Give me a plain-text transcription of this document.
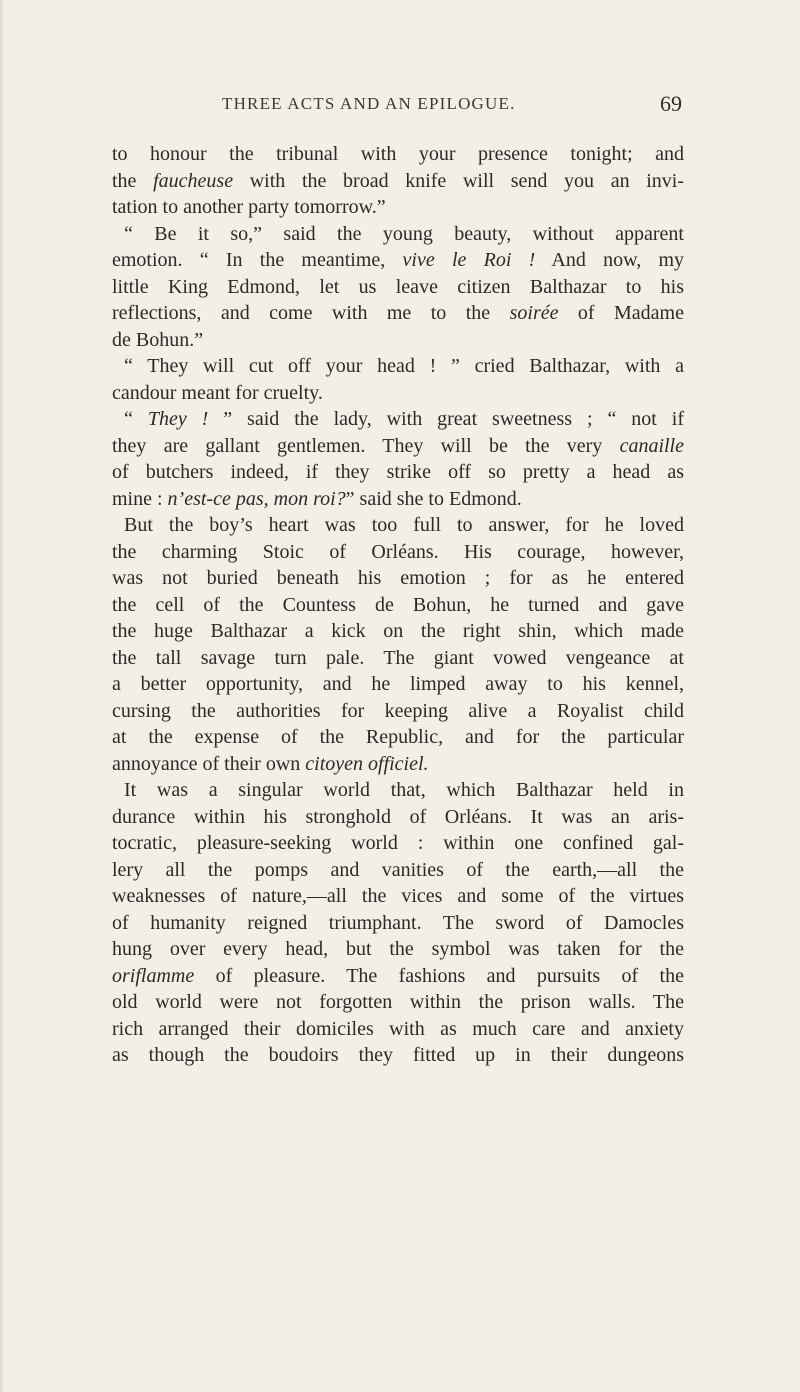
THREE ACTS AND AN EPILOGUE.	69
to honour the tribunal with your presence tonight; and
the faucheuse with the broad knife will send you an invi-
tation to another party tomorrow.”
“ Be it so,” said the young beauty, without apparent
emotion. “ In the meantime, vive le Roi ! And now, my
little King Edmond, let us leave citizen Balthazar to his
reflections, and come with me to the soirée of Madame
de Bohun.”
“ They will cut off your head ! ” cried Balthazar, with a
candour meant for cruelty.
“ They ! ” said the lady, with great sweetness ; “ not if
they are gallant gentlemen. They will be the very canaille
of butchers indeed, if they strike off so pretty a head as
mine : n’est-ce pas, mon roi?” said she to Edmond.
But the boy’s heart was too full to answer, for he loved
the charming Stoic of Orléans. His courage, however,
was not buried beneath his emotion ; for as he entered
the cell of the Countess de Bohun, he turned and gave
the huge Balthazar a kick on the right shin, which made
the tall savage turn pale. The giant vowed vengeance at
a better opportunity, and he limped away to his kennel,
cursing the authorities for keeping alive a Royalist child
at the expense of the Republic, and for the particular
annoyance of their own citoyen officiel.
It was a singular world that, which Balthazar held in
durance within his stronghold of Orléans. It was an aris-
tocratic, pleasure-seeking world : within one confined gal-
lery all the pomps and vanities of the earth,—all the
weaknesses of nature,—all the vices and some of the virtues
of humanity reigned triumphant. The sword of Damocles
hung over every head, but the symbol was taken for the
oriflamme of pleasure. The fashions and pursuits of the
old world were not forgotten within the prison walls. The
rich arranged their domiciles with as much care and anxiety
as though the boudoirs they fitted up in their dungeons
